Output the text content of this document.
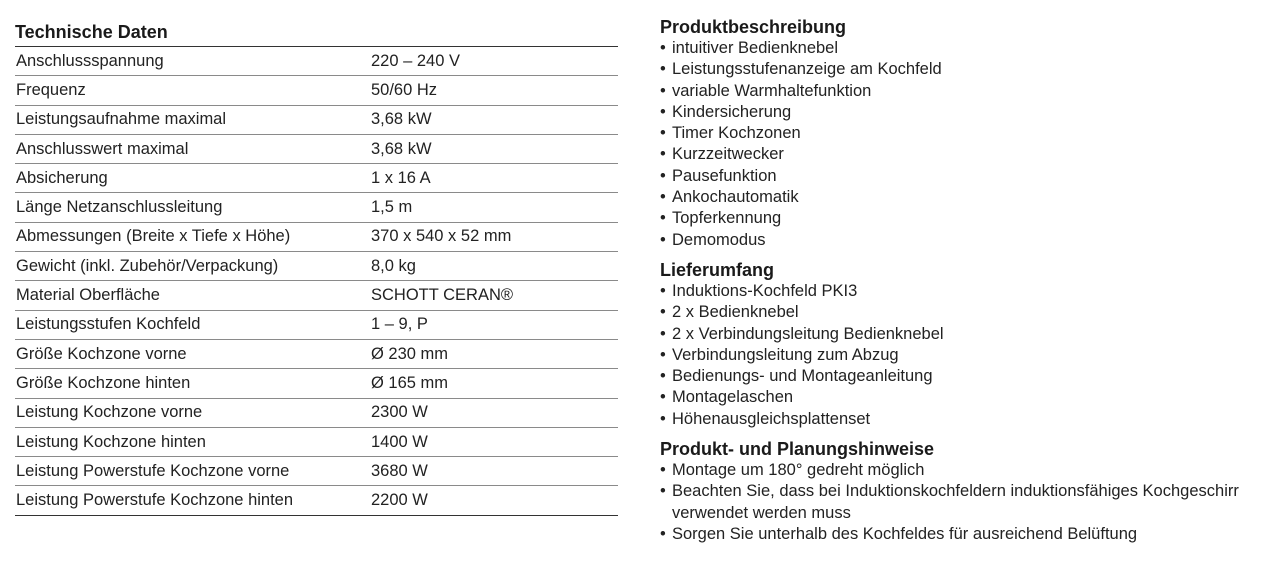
Technische Daten
Anschlussspannung	220 – 240 V
Frequenz	50/60 Hz
Leistungsaufnahme maximal	3,68 kW
Anschlusswert maximal	3,68 kW
Absicherung	1 x 16 A
Länge Netzanschlussleitung	1,5 m
Abmessungen (Breite x Tiefe x Höhe)	370 x 540 x 52 mm
Gewicht (inkl. Zubehör/Verpackung)	8,0 kg
Material Oberfläche	SCHOTT CERAN®
Leistungsstufen Kochfeld	1 – 9, P
Größe Kochzone vorne	Ø 230 mm
Größe Kochzone hinten	Ø 165 mm
Leistung Kochzone vorne	2300 W
Leistung Kochzone hinten	1400 W
Leistung Powerstufe Kochzone vorne	3680 W
Leistung Powerstufe Kochzone hinten	2200 W
Produktbeschreibung
• intuitiver Bedienknebel
• Leistungsstufenanzeige am Kochfeld
• variable Warmhaltefunktion
• Kindersicherung
• Timer Kochzonen
• Kurzzeitwecker
• Pausefunktion
• Ankochautomatik
• Topferkennung
• Demomodus
Lieferumfang
• Induktions-Kochfeld PKI3
• 2 x Bedienknebel
• 2 x Verbindungsleitung Bedienknebel
• Verbindungsleitung zum Abzug
• Bedienungs- und Montageanleitung
• Montagelaschen
• Höhenausgleichsplattenset
Produkt- und Planungshinweise
• Montage um 180° gedreht möglich
• Beachten Sie, dass bei Induktionskochfeldern induktionsfähiges Kochgeschirr verwendet werden muss
• Sorgen Sie unterhalb des Kochfeldes für ausreichend Belüftung
